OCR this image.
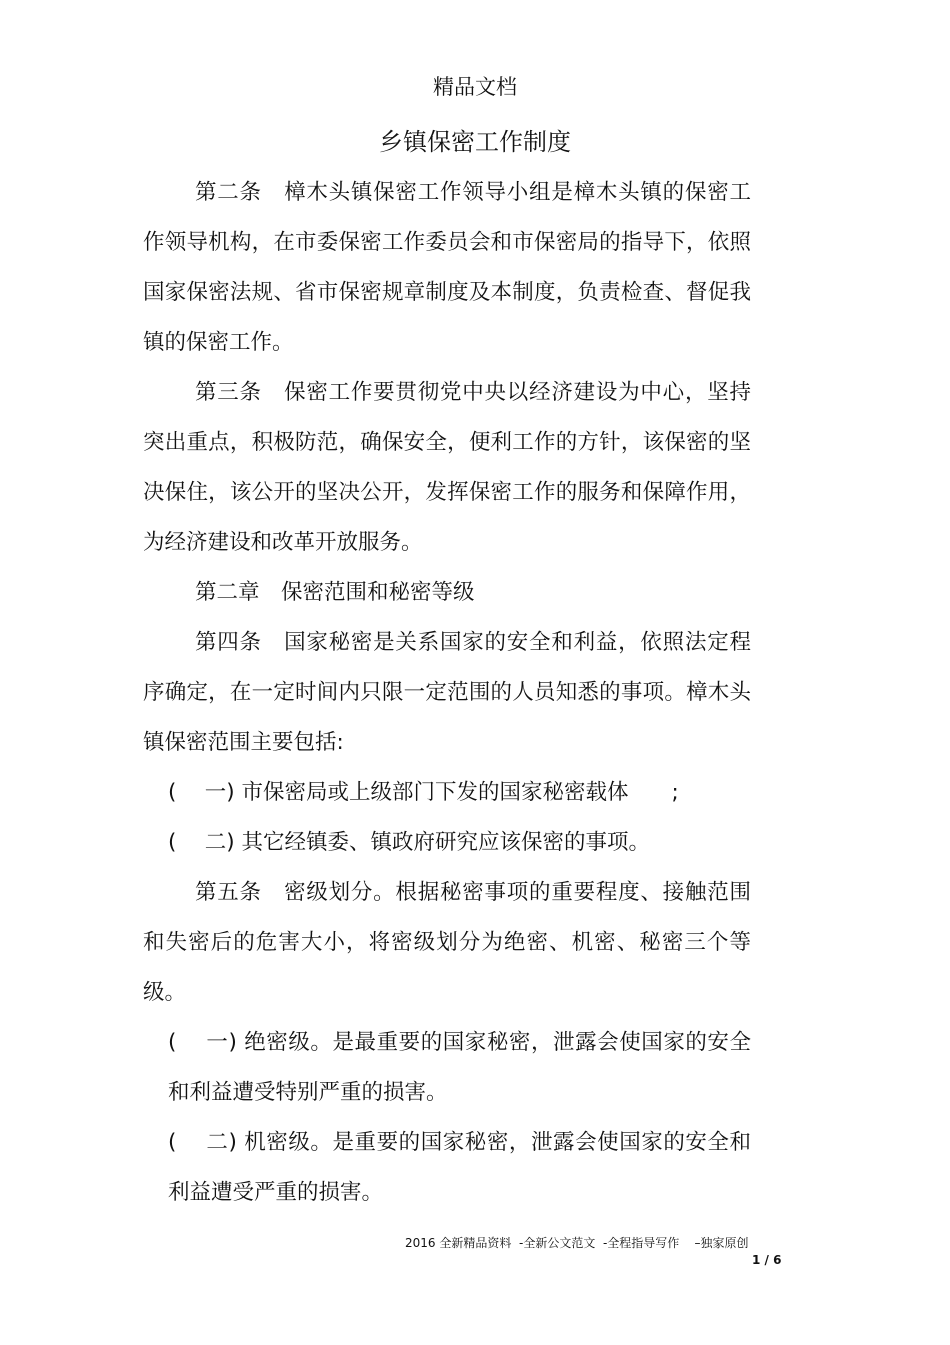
精品文档
乡镇保密工作制度

第二条　樟木头镇保密工作领导小组是樟木头镇的保密工作领导机构，在市委保密工作委员会和市保密局的指导下，依照国家保密法规、省市保密规章制度及本制度，负责检查、督促我镇的保密工作。

第三条　保密工作要贯彻党中央以经济建设为中心，坚持突出重点，积极防范，确保安全，便利工作的方针，该保密的坚决保住，该公开的坚决公开，发挥保密工作的服务和保障作用，为经济建设和改革开放服务。

第二章　保密范围和秘密等级

第四条　国家秘密是关系国家的安全和利益，依照法定程序确定，在一定时间内只限一定范围的人员知悉的事项。樟木头镇保密范围主要包括:

(　 一) 市保密局或上级部门下发的国家秘密载体　　;

(　 二) 其它经镇委、镇政府研究应该保密的事项。

第五条　密级划分。根据秘密事项的重要程度、接触范围和失密后的危害大小，将密级划分为绝密、机密、秘密三个等级。

(　 一) 绝密级。是最重要的国家秘密，泄露会使国家的安全和利益遭受特别严重的损害。

(　 二) 机密级。是重要的国家秘密，泄露会使国家的安全和利益遭受严重的损害。

2016 全新精品资料  -全新公文范文  -全程指导写作    –独家原创
1 / 6
